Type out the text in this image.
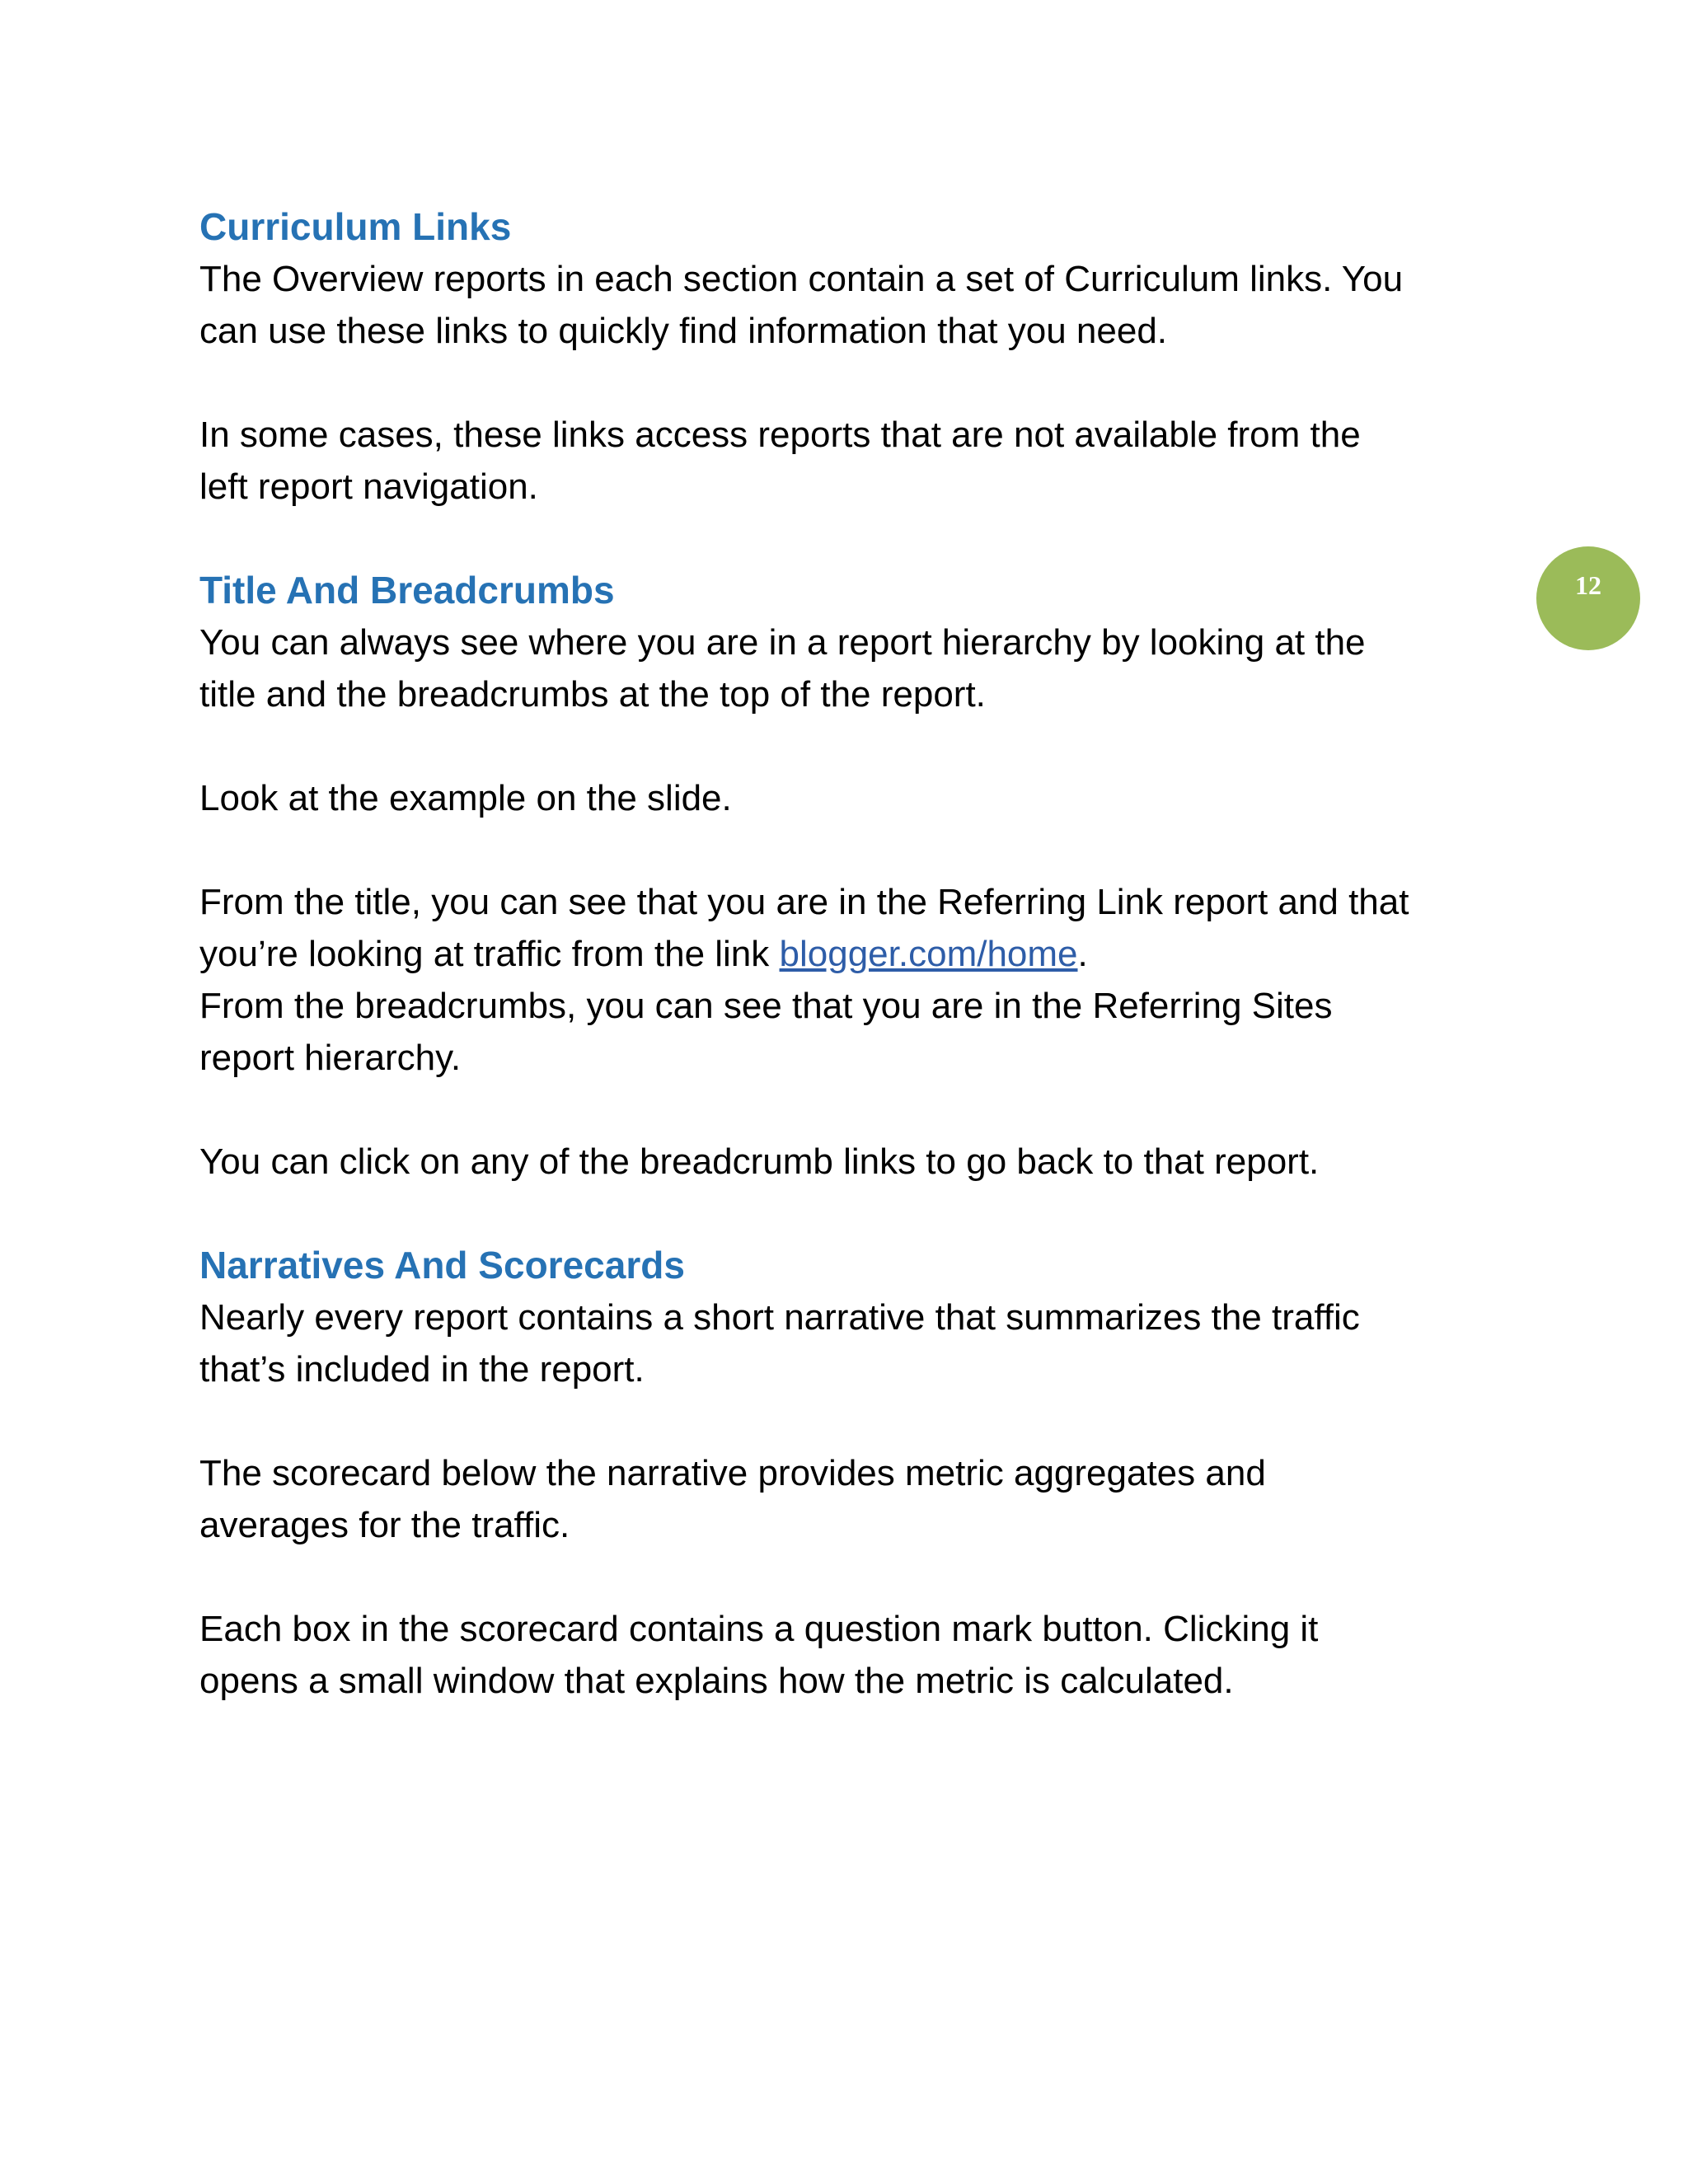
Curriculum Links

The Overview reports in each section contain a set of Curriculum links. You
can use these links to quickly find information that you need.

In some cases, these links access reports that are not available from the
left report navigation.

Title And Breadcrumbs

You can always see where you are in a report hierarchy by looking at the
title and the breadcrumbs at the top of the report.

Look at the example on the slide.

From the title, you can see that you are in the Referring Link report and that
you’re looking at traffic from the link blogger.com/home.

From the breadcrumbs, you can see that you are in the Referring Sites
report hierarchy.

You can click on any of the breadcrumb links to go back to that report.

Narratives And Scorecards

Nearly every report contains a short narrative that summarizes the traffic
that’s included in the report.

The scorecard below the narrative provides metric aggregates and
averages for the traffic.

Each box in the scorecard contains a question mark button. Clicking it
opens a small window that explains how the metric is calculated.

12
